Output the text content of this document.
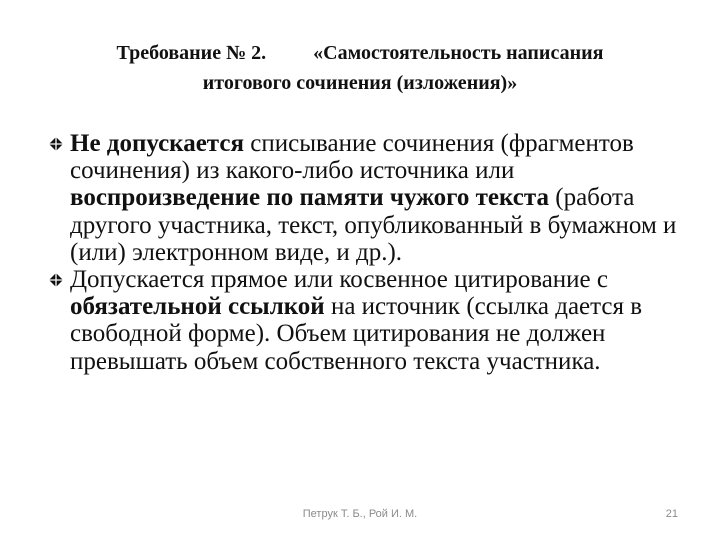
Требование № 2. «Самостоятельность написания
итогового сочинения (изложения)»
Не допускается списывание сочинения (фрагментов сочинения) из какого-либо источника или воспроизведение по памяти чужого текста (работа другого участника, текст, опубликованный в бумажном и (или) электронном виде, и др.).
Допускается прямое или косвенное цитирование с обязательной ссылкой на источник (ссылка дается в свободной форме). Объем цитирования не должен превышать объем собственного текста участника.
Петрук Т. Б., Рой И. М.	21
